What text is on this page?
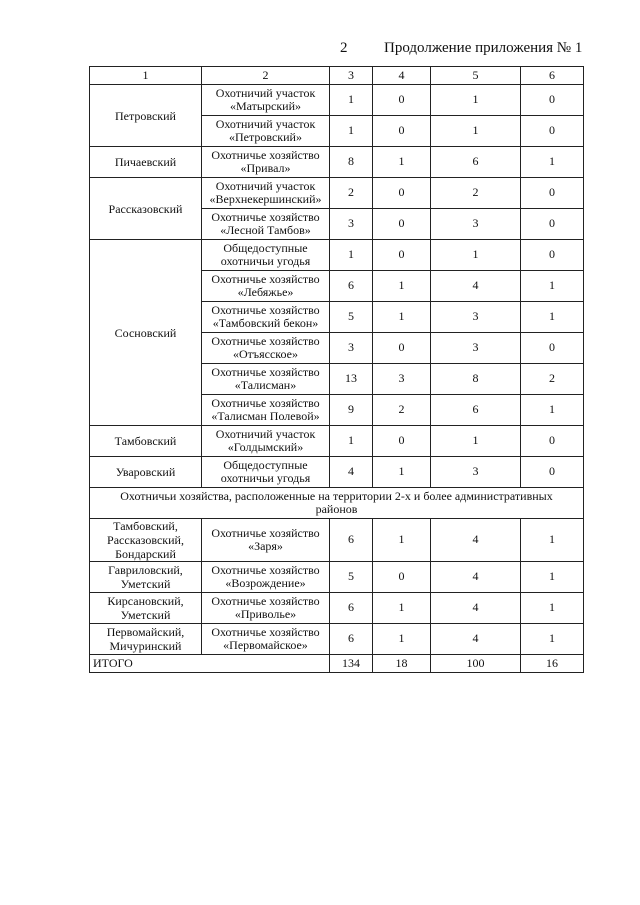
2 Продолжение приложения № 1
1	2	3	4	5	6
Петровский	Охотничий участок
«Матырский»	1	0	1	0

	Охотничий участок
«Петровский»	1	0	1	0
Пичаевский	Охотничье хозяйство
«Привал»	8	1	6	1
Рассказовский	Охотничий участок
«Верхнекершинский»	2	0	2	0

	Охотничье хозяйство
«Лесной Тамбов»	3	0	3	0
Сосновский	Общедоступные
охотничьи угодья	1	0	1	0

	Охотничье хозяйство
«Лебяжье»	6	1	4	1

	Охотничье хозяйство
«Тамбовский бекон»	5	1	3	1

	Охотничье хозяйство
«Отъясское»	3	0	3	0

	Охотничье хозяйство
«Талисман»	13	3	8	2

	Охотничье хозяйство
«Талисман Полевой»	9	2	6	1
Тамбовский	Охотничий участок
«Голдымский»	1	0	1	0
Уваровский	Общедоступные
охотничьи угодья	4	1	3	0

Охотничьи хозяйства, расположенные на территории 2-х и более административных
районов					

Тамбовский,
Рассказовский,
Бондарский	Охотничье хозяйство
«Заря»	6	1	4	1

Гавриловский,
Уметский	Охотничье хозяйство
«Возрождение»	5	0	4	1

Кирсановский,
Уметский	Охотничье хозяйство
«Приволье»	6	1	4	1

Первомайский,
Мичуринский	Охотничье хозяйство
«Первомайское»	6	1	4	1
ИТОГО		134	18	100	16
